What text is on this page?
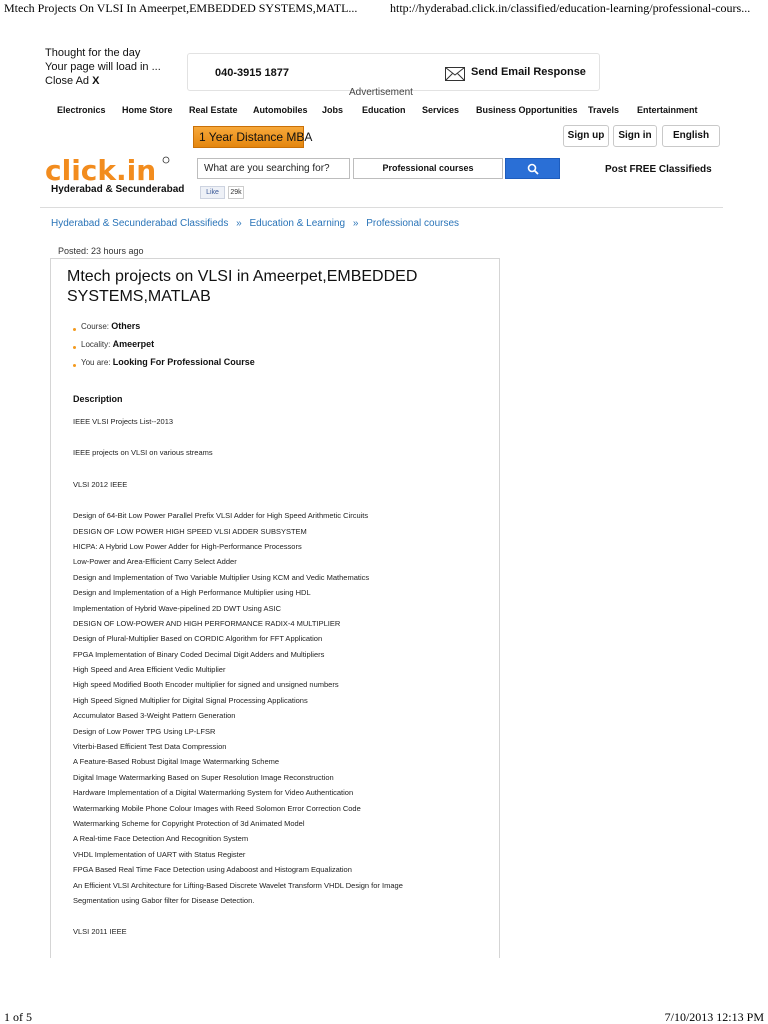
Mtech Projects On VLSI In Ameerpet,EMBEDDED SYSTEMS,MATL...	http://hyderabad.click.in/classified/education-learning/professional-cours...
Thought for the day
Your page will load in ...
Close Ad X
040-3915 1877	Send Email Response
Advertisement
Electronics Home Store Real Estate Automobiles Jobs Education Services Business Opportunities Travels Entertainment
1 Year Distance MBA	Sign up	Sign in	English
click.in
Hyderabad & Secunderabad
What are you searching for?	Professional courses
Like	29k
Post FREE Classifieds
Hyderabad & Secunderabad Classifieds » Education & Learning » Professional courses
Posted: 23 hours ago
Mtech projects on VLSI in Ameerpet,EMBEDDED SYSTEMS,MATLAB
Course: Others
Locality: Ameerpet
You are: Looking For Professional Course
Description
IEEE VLSI Projects List--2013
IEEE projects on VLSI on various streams
VLSI 2012 IEEE
Design of 64-Bit Low Power Parallel Prefix VLSI Adder for High Speed Arithmetic Circuits
DESIGN OF LOW POWER HIGH SPEED VLSI ADDER SUBSYSTEM
HICPA: A Hybrid Low Power Adder for High-Performance Processors
Low-Power and Area-Efficient Carry Select Adder
Design and Implementation of Two Variable Multiplier Using KCM and Vedic Mathematics
Design and Implementation of a High Performance Multiplier using HDL
Implementation of Hybrid Wave-pipelined 2D DWT Using ASIC
DESIGN OF LOW-POWER AND HIGH PERFORMANCE RADIX-4 MULTIPLIER
Design of Plural-Multiplier Based on CORDIC Algorithm for FFT Application
FPGA Implementation of Binary Coded Decimal Digit Adders and Multipliers
High Speed and Area Efficient Vedic Multiplier
High speed Modified Booth Encoder multiplier for signed and unsigned numbers
High Speed Signed Multiplier for Digital Signal Processing Applications
Accumulator Based 3-Weight Pattern Generation
Design of Low Power TPG Using LP-LFSR
Viterbi-Based Efficient Test Data Compression
A Feature-Based Robust Digital Image Watermarking Scheme
Digital Image Watermarking Based on Super Resolution Image Reconstruction
Hardware Implementation of a Digital Watermarking System for Video Authentication
Watermarking Mobile Phone Colour Images with Reed Solomon Error Correction Code
Watermarking Scheme for Copyright Protection of 3d Animated Model
A Real-time Face Detection And Recognition System
VHDL Implementation of UART with Status Register
FPGA Based Real Time Face Detection using Adaboost and Histogram Equalization
An Efficient VLSI Architecture for Lifting-Based Discrete Wavelet Transform VHDL Design for Image
Segmentation using Gabor filter for Disease Detection.
VLSI 2011 IEEE
1 of 5	7/10/2013 12:13 PM
